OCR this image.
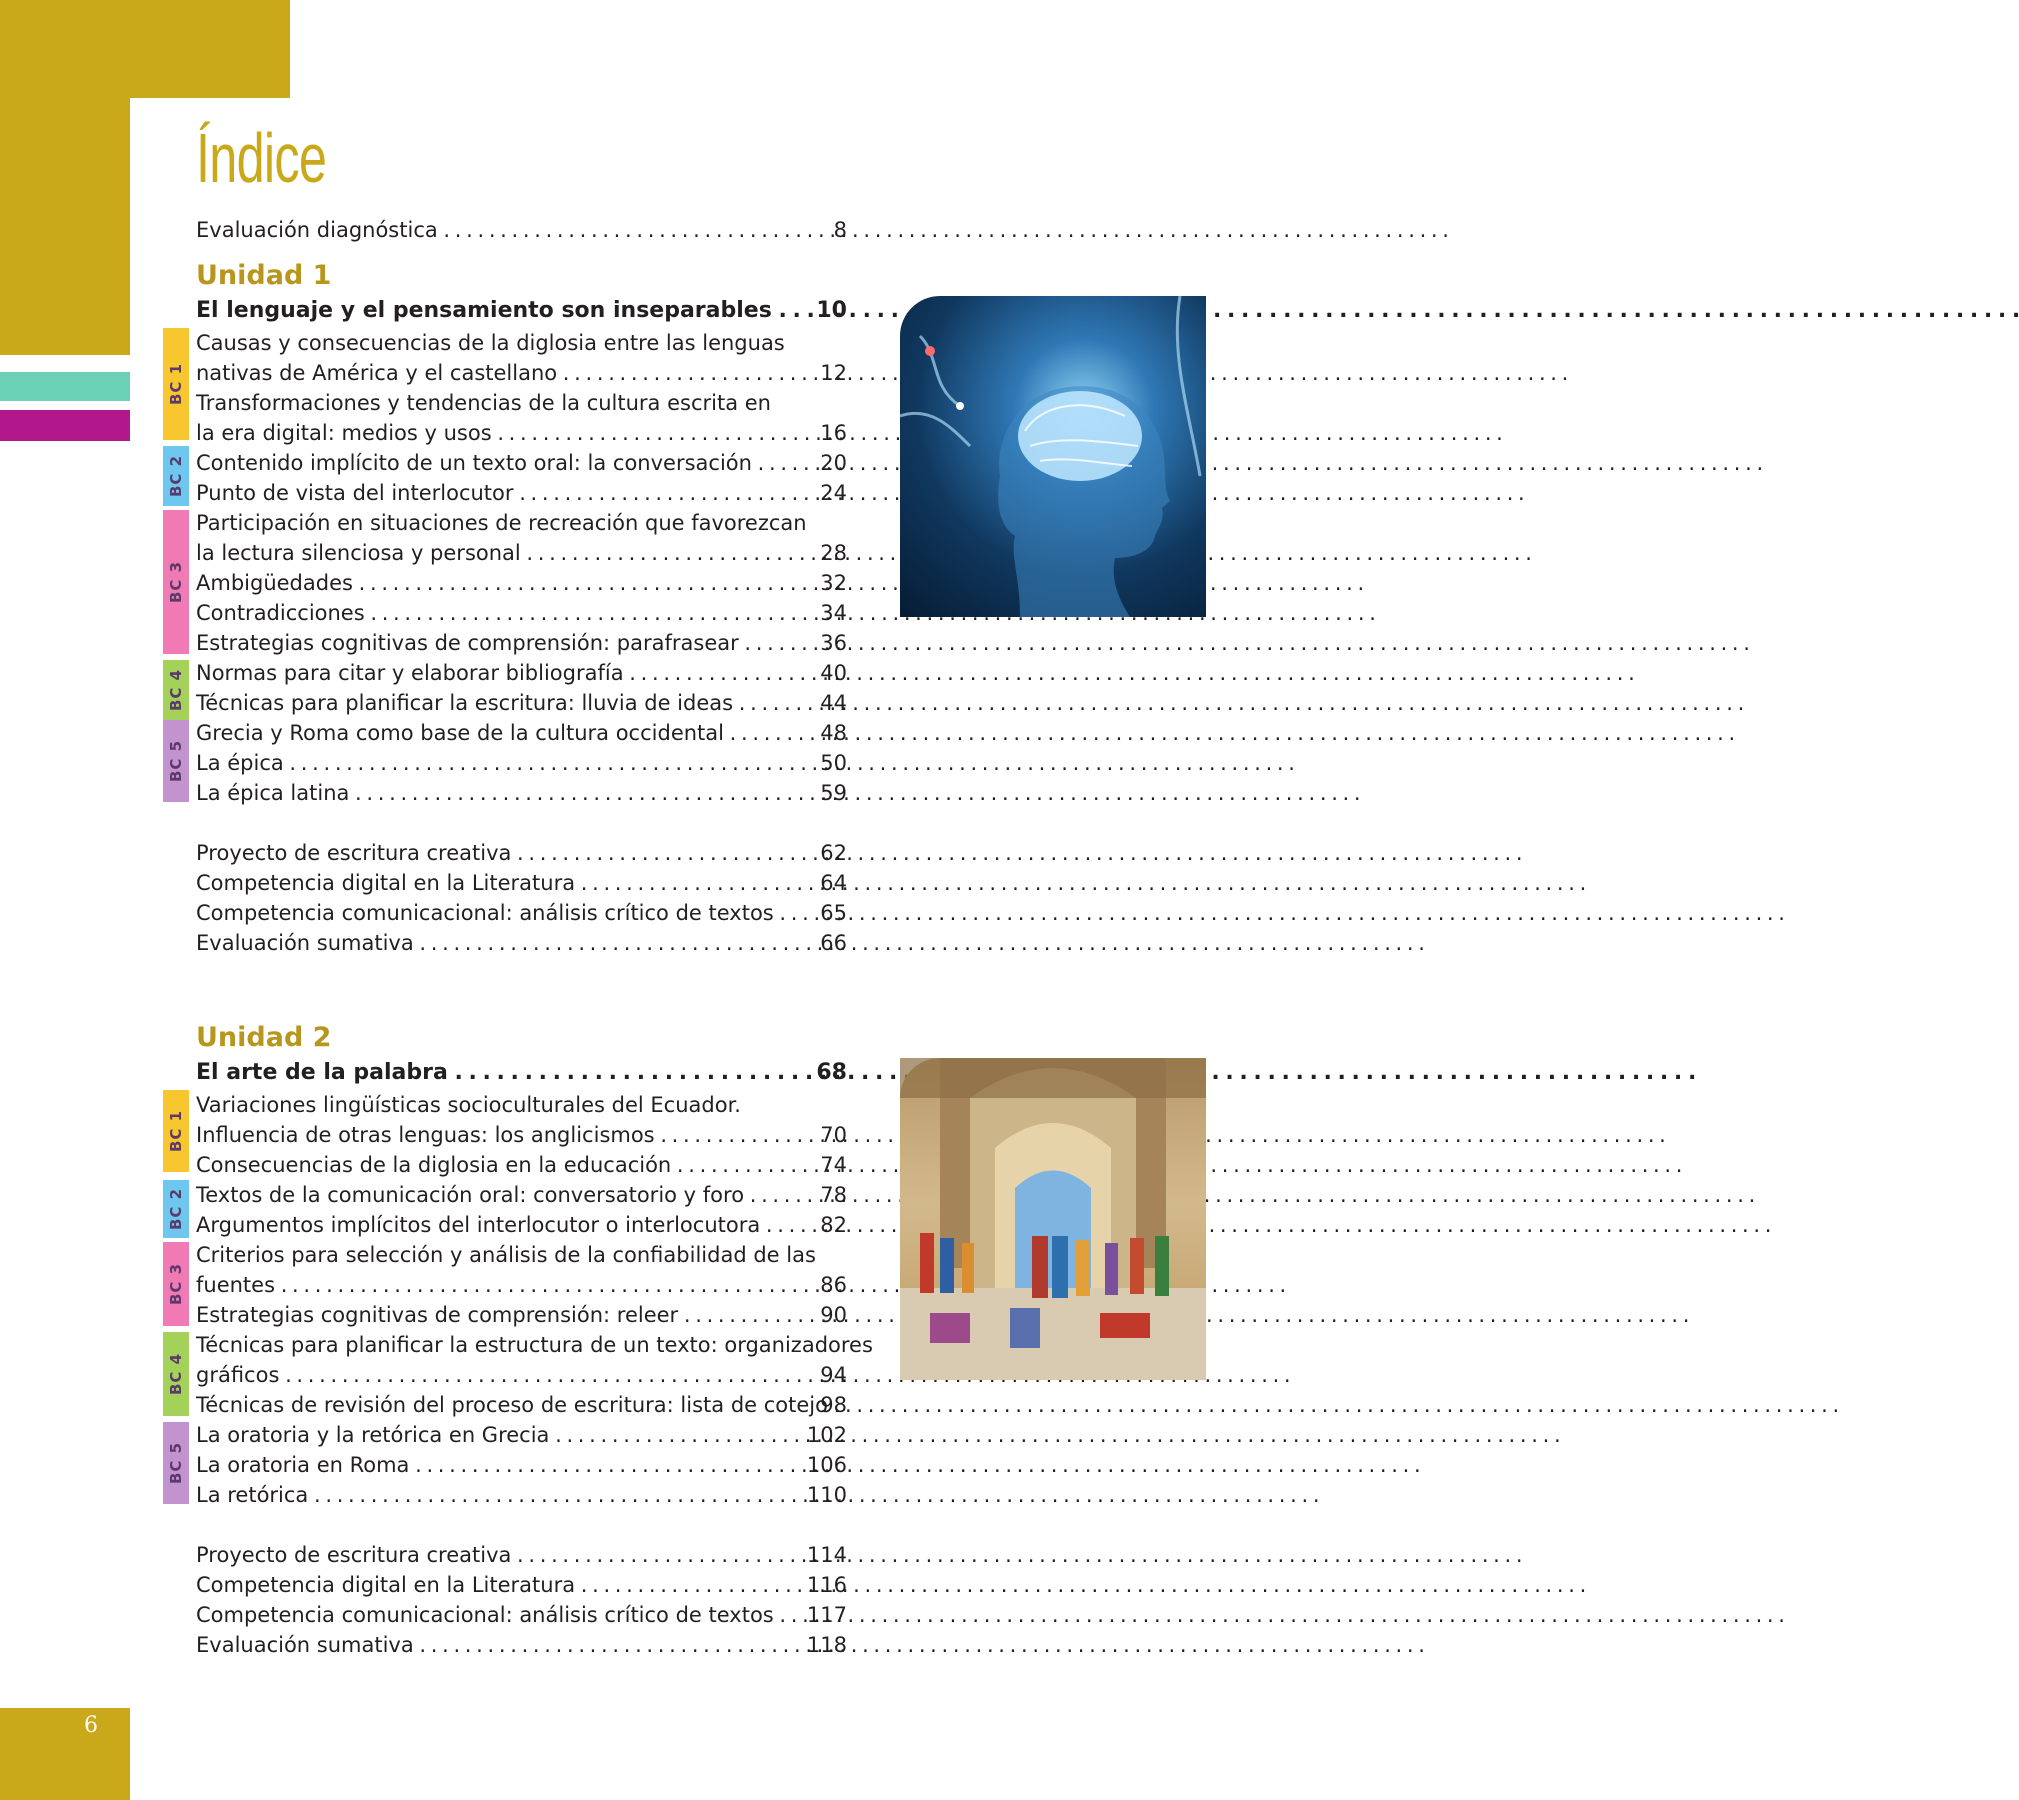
6
Índice
Evaluación diagnóstica . . .	8
Unidad 1
El lenguaje y el pensamiento son inseparables . . .	10
BC 1
BC 2
BC 3
BC 4
BC 5
Causas y consecuencias de la diglosia entre las lenguas
nativas de América y el castellano . . .	12
Transformaciones y tendencias de la cultura escrita en
la era digital: medios y usos . . .	16
Contenido implícito de un texto oral: la conversación . . .	20
Punto de vista del interlocutor . . .	24
Participación en situaciones de recreación que favorezcan
la lectura silenciosa y personal . . .	28
Ambigüedades . . .	32
Contradicciones . . .	34
Estrategias cognitivas de comprensión: parafrasear . . .	36
Normas para citar y elaborar bibliografía . . .	40
Técnicas para planificar la escritura: lluvia de ideas . . .	44
Grecia y Roma como base de la cultura occidental . . .	48
La épica . . .	50
La épica latina . . .	59
Proyecto de escritura creativa . . .	62
Competencia digital en la Literatura . . .	64
Competencia comunicacional: análisis crítico de textos . . .	65
Evaluación sumativa . . .	66
Unidad 2
El arte de la palabra . . .	68
BC 1
BC 2
BC 3
BC 4
BC 5
Variaciones lingüísticas socioculturales del Ecuador.
Influencia de otras lenguas: los anglicismos . . .	70
Consecuencias de la diglosia en la educación . . .	74
Textos de la comunicación oral: conversatorio y foro . . .	78
Argumentos implícitos del interlocutor o interlocutora . . .	82
Criterios para selección y análisis de la confiabilidad de las
fuentes . . .	86
Estrategias cognitivas de comprensión: releer . . .	90
Técnicas para planificar la estructura de un texto: organizadores
gráficos . . .	94
Técnicas de revisión del proceso de escritura: lista de cotejo . . .
98
La oratoria y la retórica en Grecia . . .	102
La oratoria en Roma . . .	106
La retórica . . .	110
Proyecto de escritura creativa . . .	114
Competencia digital en la Literatura . . .	116
Competencia comunicacional: análisis crítico de textos . . .	117
Evaluación sumativa . . .	118
